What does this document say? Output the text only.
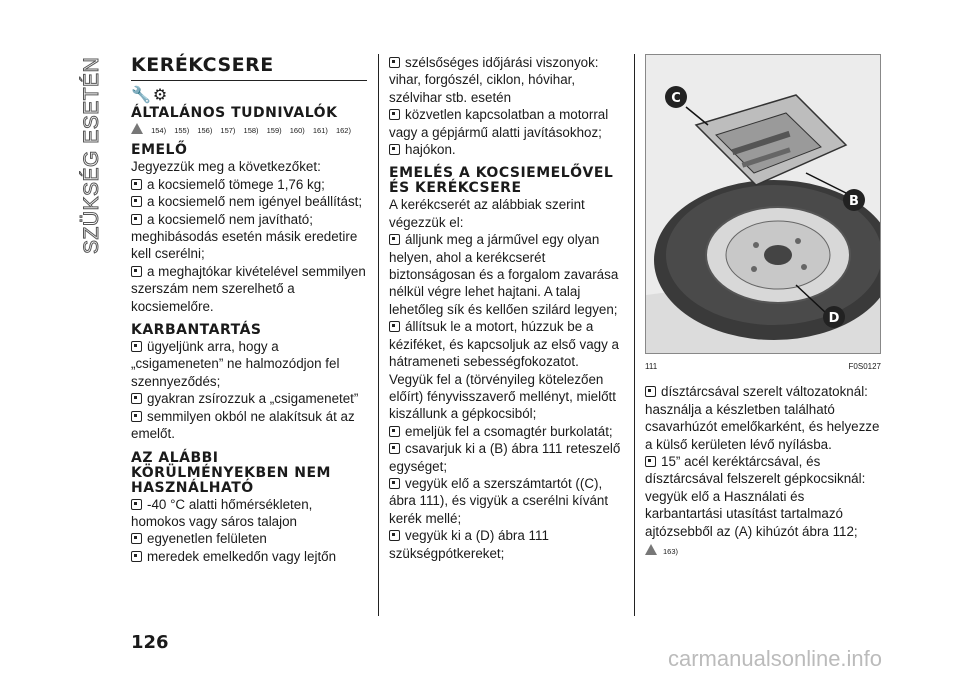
SZÜKSÉG ESETÉN KERÉKCSERE
🔧⚙
ÁLTALÁNOS TUDNIVALÓK
154) 155) 156) 157) 158) 159) 160) 161) 162)
EMELŐ

Jegyezzük meg a következőket:

a kocsiemelő tömege 1,76 kg;

a kocsiemelő nem igényel beállítást;

a kocsiemelő nem javítható; meghibásodás esetén másik eredetire kell cserélni;

a meghajtókar kivételével semmilyen szerszám nem szerelhető a kocsiemelőre.

KARBANTARTÁS

ügyeljünk arra, hogy a „csigameneten” ne halmozódjon fel szennyeződés;

gyakran zsírozzuk a „csigamenetet”

semmilyen okból ne alakítsuk át az emelőt.

AZ ALÁBBI KÖRÜLMÉNYEKBEN NEM HASZNÁLHATÓ

-40 °C alatti hőmérsékleten, homokos vagy sáros talajon

egyenetlen felületen

meredek emelkedőn vagy lejtőn

szélsőséges időjárási viszonyok: vihar, forgószél, ciklon, hóvihar, szélvihar stb. esetén

közvetlen kapcsolatban a motorral vagy a gépjármű alatti javításokhoz;

hajókon.

EMELÉS A KOCSIEMELŐVEL ÉS KERÉKCSERE

A kerékcserét az alábbiak szerint végezzük el:

álljunk meg a járművel egy olyan helyen, ahol a kerékcserét biztonságosan és a forgalom zavarása nélkül végre lehet hajtani. A talaj lehetőleg sík és kellően szilárd legyen;

állítsuk le a motort, húzzuk be a kéziféket, és kapcsoljuk az első vagy a hátrameneti sebességfokozatot. Vegyük fel a (törvényileg kötelezően előírt) fényvisszaverő mellényt, mielőtt kiszállunk a gépkocsiból;

emeljük fel a csomagtér burkolatát;

csavarjuk ki a (B) ábra 111 reteszelő egységet;

vegyük elő a szerszámtartót ((C), ábra 111), és vigyük a cserélni kívánt kerék mellé;

vegyük ki a (D) ábra 111 szükségpótkereket;

C
B
D
111	F0S0127

dísztárcsával szerelt változatoknál: használja a készletben található csavarhúzót emelőkarként, és helyezze a külső kerületen lévő nyílásba.

15” acél keréktárcsával, és dísztárcsával felszerelt gépkocsiknál: vegyük elő a Használati és karbantartási utasítást tartalmazó ajtózsebből az (A) kihúzót ábra 112;

163)
126
carmanualsonline.info
